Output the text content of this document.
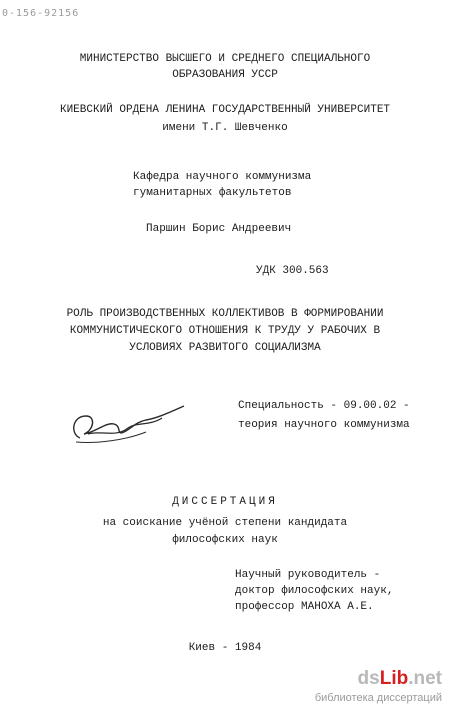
0-156-92156
МИНИСТЕРСТВО ВЫСШЕГО И СРЕДНЕГО СПЕЦИАЛЬНОГО
ОБРАЗОВАНИЯ УССР
КИЕВСКИЙ ОРДЕНА ЛЕНИНА ГОСУДАРСТВЕННЫЙ УНИВЕРСИТЕТ
имени Т.Г. Шевченко
Кафедра научного коммунизма
гуманитарных факультетов
Паршин Борис Андреевич
УДК 300.563
РОЛЬ ПРОИЗВОДСТВЕННЫХ КОЛЛЕКТИВОВ В ФОРМИРОВАНИИ
КОММУНИСТИЧЕСКОГО ОТНОШЕНИЯ К ТРУДУ У РАБОЧИХ В
УСЛОВИЯХ РАЗВИТОГО СОЦИАЛИЗМА
Специальность - 09.00.02 -
теория научного коммунизма
ДИССЕРТАЦИЯ
на соискание учёной степени кандидата
философских наук
Научный руководитель -
доктор философских наук,
профессор МАНОХА А.Е.
Киев - 1984
dsLib.net
библиотека диссертаций
